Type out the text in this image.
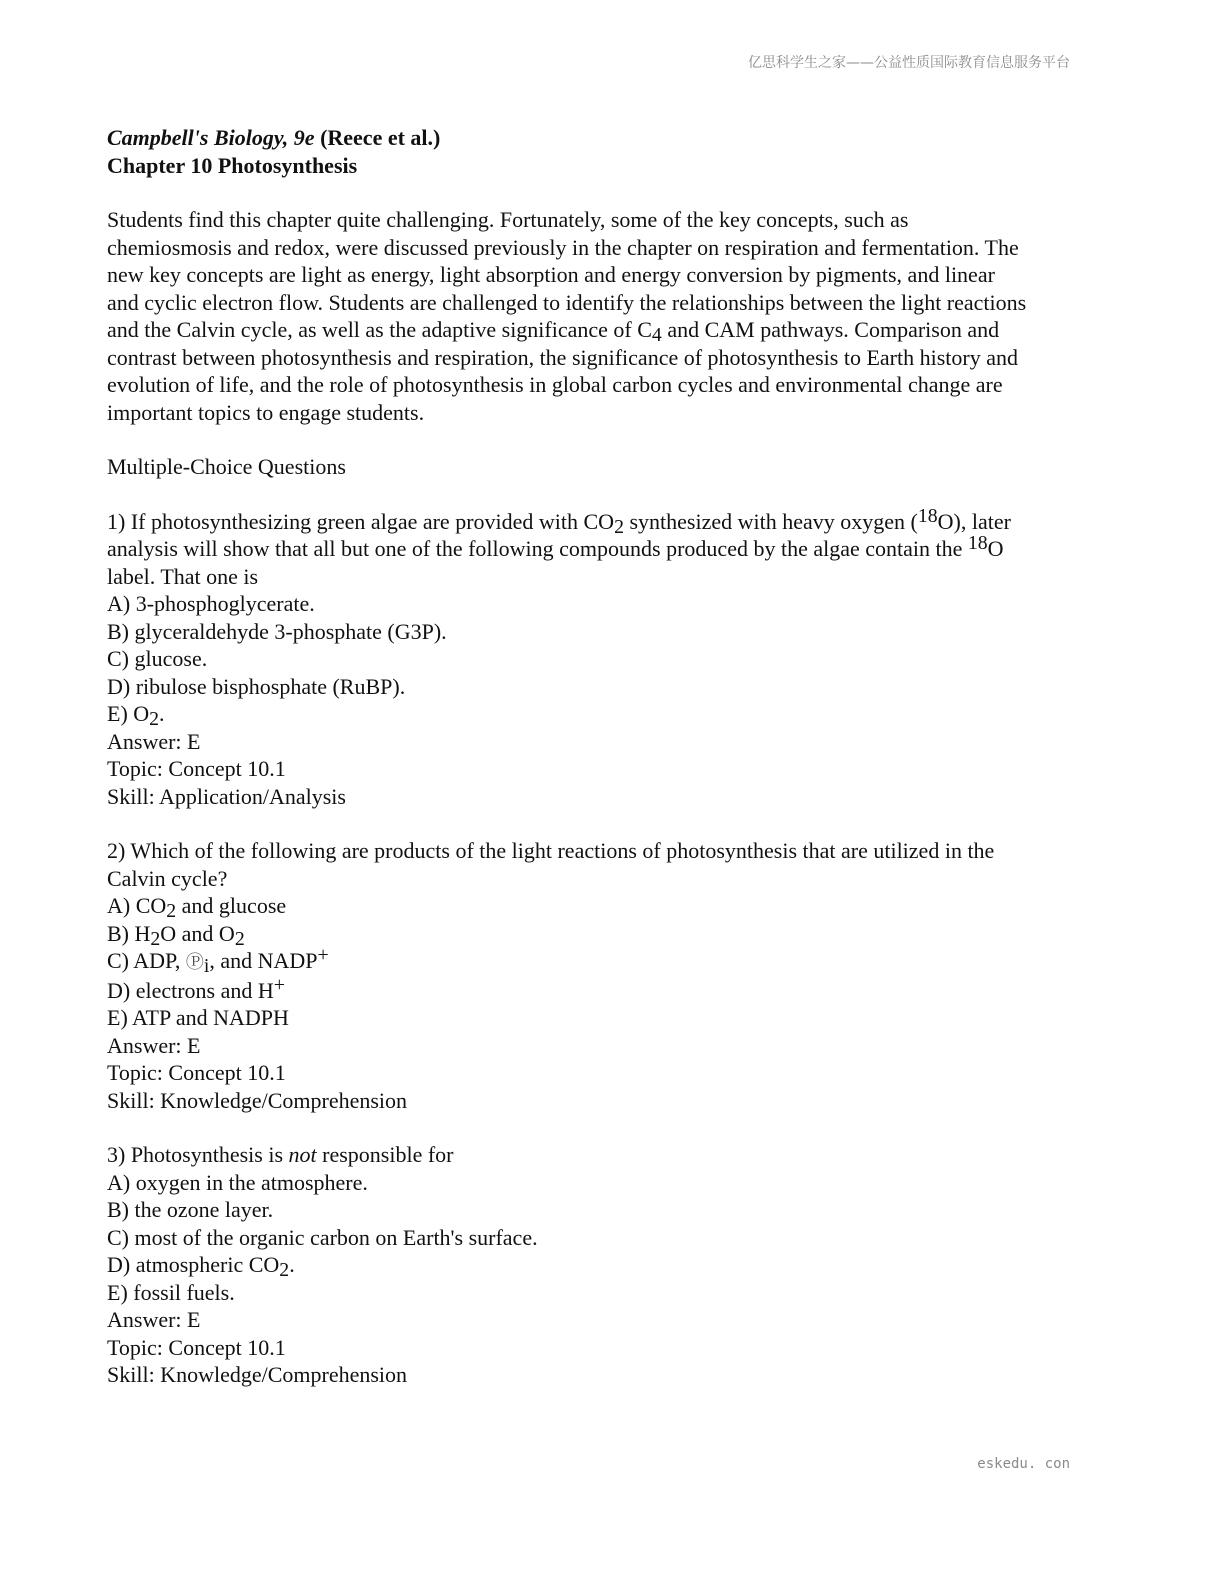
亿思科学生之家——公益性质国际教育信息服务平台
Campbell's Biology, 9e (Reece et al.)
Chapter 10 Photosynthesis
Students find this chapter quite challenging. Fortunately, some of the key concepts, such as
chemiosmosis and redox, were discussed previously in the chapter on respiration and fermentation. The
new key concepts are light as energy, light absorption and energy conversion by pigments, and linear
and cyclic electron flow. Students are challenged to identify the relationships between the light reactions
and the Calvin cycle, as well as the adaptive significance of $C_4$ and CAM pathways. Comparison and
contrast between photosynthesis and respiration, the significance of photosynthesis to Earth history and
evolution of life, and the role of photosynthesis in global carbon cycles and environmental change are
important topics to engage students.
Multiple-Choice Questions
1) If photosynthesizing green algae are provided with $CO_2$ synthesized with heavy oxygen ($^{18}$O), later
analysis will show that all but one of the following compounds produced by the algae contain the $^{18}$O
label. That one is
A) 3-phosphoglycerate.
B) glyceraldehyde 3-phosphate (G3P).
C) glucose.
D) ribulose bisphosphate (RuBP).
E) $O_2$.
Answer: E
Topic: Concept 10.1
Skill: Application/Analysis
2) Which of the following are products of the light reactions of photosynthesis that are utilized in the
Calvin cycle?
A) $CO_2$ and glucose
B) $H_2O$ and $O_2$
C) ADP, $Ⓟ_i$, and NADP+
D) electrons and H+
E) ATP and NADPH
Answer: E
Topic: Concept 10.1
Skill: Knowledge/Comprehension
3) Photosynthesis is not responsible for
A) oxygen in the atmosphere.
B) the ozone layer.
C) most of the organic carbon on Earth's surface.
D) atmospheric $CO_2$.
E) fossil fuels.
Answer: E
Topic: Concept 10.1
Skill: Knowledge/Comprehension
eskedu. con
